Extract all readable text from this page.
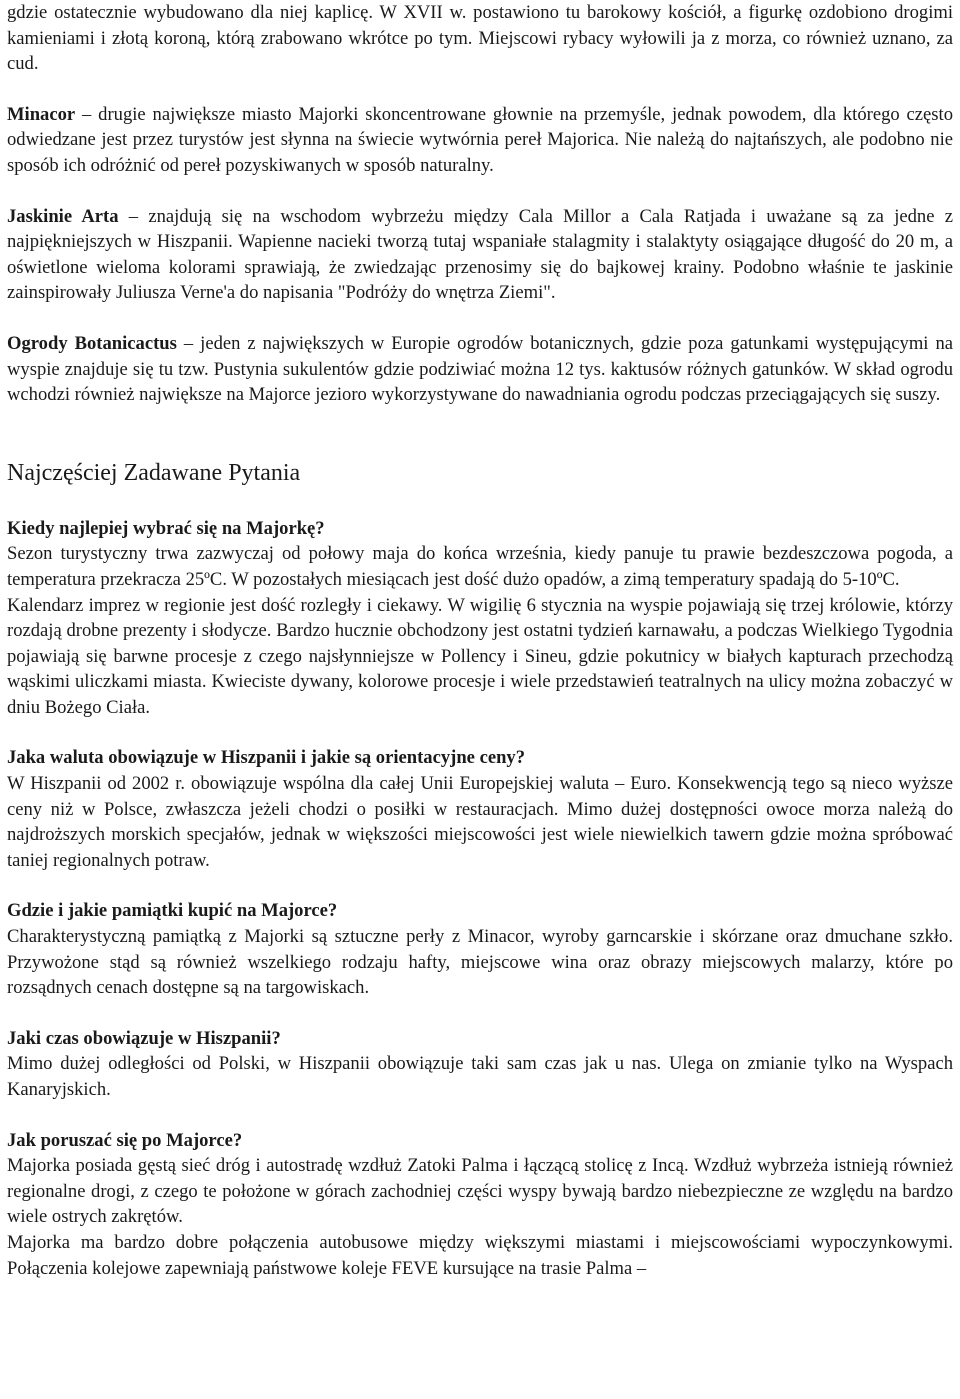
gdzie ostatecznie wybudowano dla niej kaplicę. W XVII w. postawiono tu barokowy kościół, a figurkę ozdobiono drogimi kamieniami i złotą koroną, którą zrabowano wkrótce po tym. Miejscowi rybacy wyłowili ja z morza, co również uznano, za cud.

Minacor – drugie największe miasto Majorki skoncentrowane głownie na przemyśle, jednak powodem, dla którego często odwiedzane jest przez turystów jest słynna na świecie wytwórnia pereł Majorica. Nie należą do najtańszych, ale podobno nie sposób ich odróżnić od pereł pozyskiwanych w sposób naturalny.

Jaskinie Arta – znajdują się na wschodom wybrzeżu między Cala Millor a Cala Ratjada i uważane są za jedne z najpiękniejszych w Hiszpanii. Wapienne nacieki tworzą tutaj wspaniałe stalagmity i stalaktyty osiągające długość do 20 m, a oświetlone wieloma kolorami sprawiają, że zwiedzając przenosimy się do bajkowej krainy. Podobno właśnie te jaskinie zainspirowały Juliusza Verne'a do napisania "Podróży do wnętrza Ziemi".

Ogrody Botanicactus – jeden z największych w Europie ogrodów botanicznych, gdzie poza gatunkami występującymi na wyspie znajduje się tu tzw. Pustynia sukulentów gdzie podziwiać można 12 tys. kaktusów różnych gatunków. W skład ogrodu wchodzi również największe na Majorce jezioro wykorzystywane do nawadniania ogrodu podczas przeciągających się suszy.

Najczęściej Zadawane Pytania
Kiedy najlepiej wybrać się na Majorkę?

Sezon turystyczny trwa zazwyczaj od połowy maja do końca września, kiedy panuje tu prawie bezdeszczowa pogoda, a temperatura przekracza 25ºC. W pozostałych miesiącach jest dość dużo opadów, a zimą temperatury spadają do 5-10ºC.

Kalendarz imprez w regionie jest dość rozległy i ciekawy. W wigilię 6 stycznia na wyspie pojawiają się trzej królowie, którzy rozdają drobne prezenty i słodycze. Bardzo hucznie obchodzony jest ostatni tydzień karnawału, a podczas Wielkiego Tygodnia pojawiają się barwne procesje z czego najsłynniejsze w Pollency i Sineu, gdzie pokutnicy w białych kapturach przechodzą wąskimi uliczkami miasta. Kwieciste dywany, kolorowe procesje i wiele przedstawień teatralnych na ulicy można zobaczyć w dniu Bożego Ciała.

Jaka waluta obowiązuje w Hiszpanii i jakie są orientacyjne ceny?

W Hiszpanii od 2002 r. obowiązuje wspólna dla całej Unii Europejskiej waluta – Euro. Konsekwencją tego są nieco wyższe ceny niż w Polsce, zwłaszcza jeżeli chodzi o posiłki w restauracjach. Mimo dużej dostępności owoce morza należą do najdroższych morskich specjałów, jednak w większości miejscowości jest wiele niewielkich tawern gdzie można spróbować taniej regionalnych potraw.

Gdzie i jakie pamiątki kupić na Majorce?

Charakterystyczną pamiątką z Majorki są sztuczne perły z Minacor, wyroby garncarskie i skórzane oraz dmuchane szkło. Przywożone stąd są również wszelkiego rodzaju hafty, miejscowe wina oraz obrazy miejscowych malarzy, które po rozsądnych cenach dostępne są na targowiskach.

Jaki czas obowiązuje w Hiszpanii?

Mimo dużej odległości od Polski, w Hiszpanii obowiązuje taki sam czas jak u nas. Ulega on zmianie tylko na Wyspach Kanaryjskich.

Jak poruszać się po Majorce?

Majorka posiada gęstą sieć dróg i autostradę wzdłuż Zatoki Palma i łączącą stolicę z Incą. Wzdłuż wybrzeża istnieją również regionalne drogi, z czego te położone w górach zachodniej części wyspy bywają bardzo niebezpieczne ze względu na bardzo wiele ostrych zakrętów.

Majorka ma bardzo dobre połączenia autobusowe między większymi miastami i miejscowościami wypoczynkowymi. Połączenia kolejowe zapewniają państwowe koleje FEVE kursujące na trasie Palma –
